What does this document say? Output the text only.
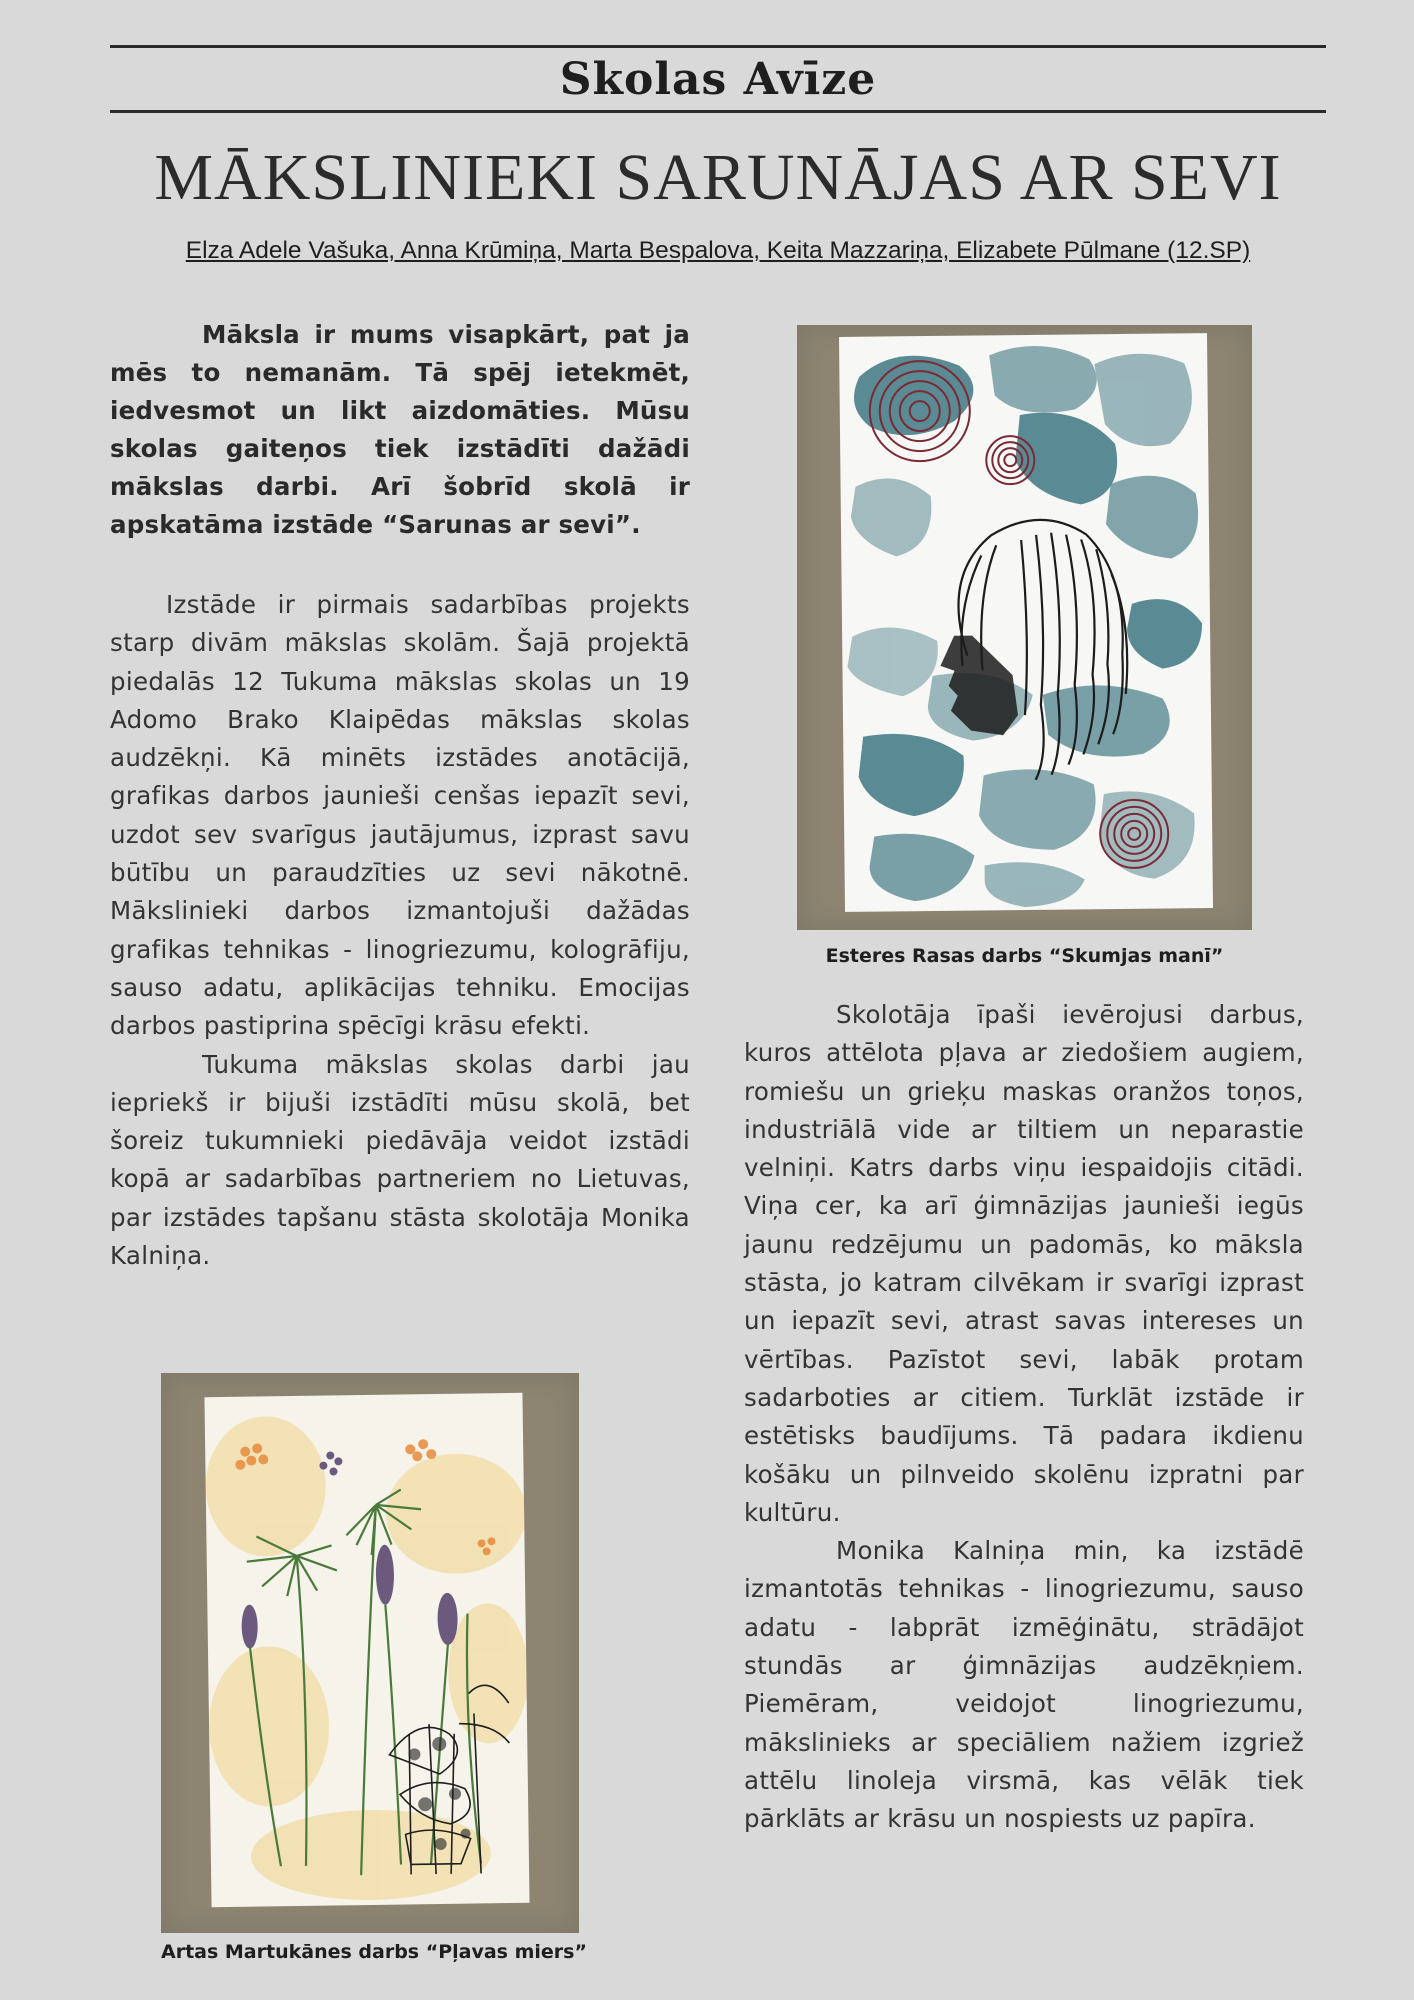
Skolas Avīze
MĀKSLINIEKI SARUNĀJAS AR SEVI
Elza Adele Vašuka, Anna Krūmiņa, Marta Bespalova, Keita Mazzariņa, Elizabete Pūlmane (12.SP)

Māksla ir mums visapkārt, pat ja mēs to nemanām. Tā spēj ietekmēt, iedvesmot un likt aizdomāties. Mūsu skolas gaiteņos tiek izstādīti dažādi mākslas darbi. Arī šobrīd skolā ir apskatāma izstāde “Sarunas ar sevi”.

Izstāde ir pirmais sadarbības projekts starp divām mākslas skolām. Šajā projektā piedalās 12 Tukuma mākslas skolas un 19 Adomo Brako Klaipēdas mākslas skolas audzēkņi. Kā minēts izstādes anotācijā, grafikas darbos jaunieši cenšas iepazīt sevi, uzdot sev svarīgus jautājumus, izprast savu būtību un paraudzīties uz sevi nākotnē. Mākslinieki darbos izmantojuši dažādas grafikas tehnikas - linogriezumu, kologrāfiju, sauso adatu, aplikācijas tehniku. Emocijas darbos pastiprina spēcīgi krāsu efekti.

Tukuma mākslas skolas darbi jau iepriekš ir bijuši izstādīti mūsu skolā, bet šoreiz tukumnieki piedāvāja veidot izstādi kopā ar sadarbības partneriem no Lietuvas, par izstādes tapšanu stāsta skolotāja Monika Kalniņa.

Skolotāja īpaši ievērojusi darbus, kuros attēlota pļava ar ziedošiem augiem, romiešu un grieķu maskas oranžos toņos, industriālā vide ar tiltiem un neparastie velniņi. Katrs darbs viņu iespaidojis citādi. Viņa cer, ka arī ģimnāzijas jaunieši iegūs jaunu redzējumu un padomās, ko māksla stāsta, jo katram cilvēkam ir svarīgi izprast un iepazīt sevi, atrast savas intereses un vērtības. Pazīstot sevi, labāk protam sadarboties ar citiem. Turklāt izstāde ir estētisks baudījums. Tā padara ikdienu košāku un pilnveido skolēnu izpratni par kultūru.

Monika Kalniņa min, ka izstādē izmantotās tehnikas - linogriezumu, sauso adatu - labprāt izmēģinātu, strādājot stundās ar ģimnāzijas audzēkņiem. Piemēram, veidojot linogriezumu, mākslinieks ar speciāliem nažiem izgriež attēlu linoleja virsmā, kas vēlāk tiek pārklāts ar krāsu un nospiests uz papīra.

Esteres Rasas darbs “Skumjas manī”
Artas Martukānes darbs “Pļavas miers”
